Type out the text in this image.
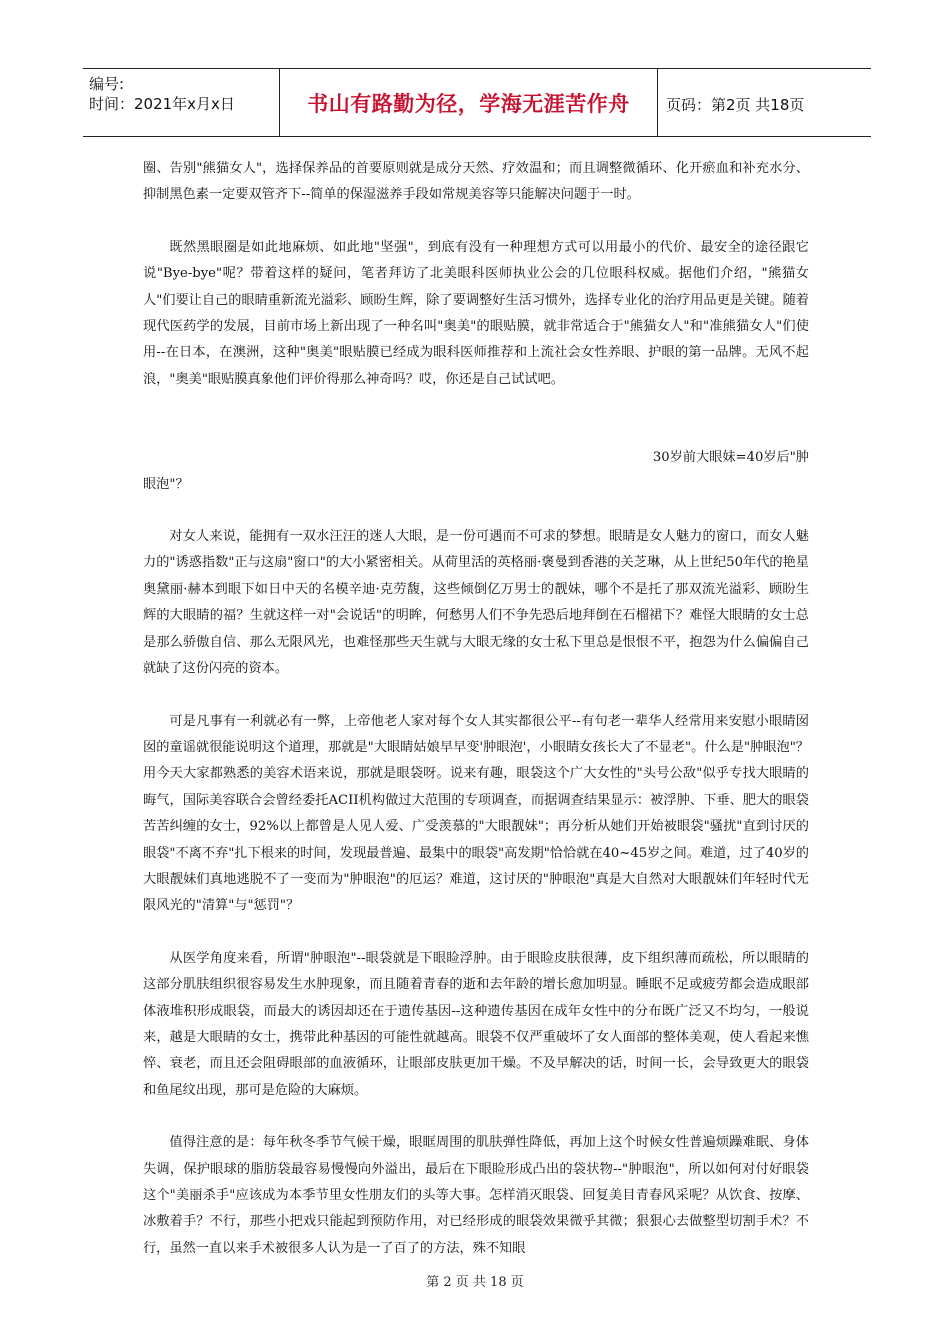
编号:
时间：2021年x月x日	书山有路勤为径，学海无涯苦作舟	页码：第2页 共18页

圈、告别"熊猫女人"，选择保养品的首要原则就是成分天然、疗效温和；而且调整微循环、化开瘀血和补充水分、抑制黑色素一定要双管齐下--简单的保湿滋养手段如常规美容等只能解决问题于一时。

既然黑眼圈是如此地麻烦、如此地"坚强"，到底有没有一种理想方式可以用最小的代价、最安全的途径跟它说"Bye-bye"呢？带着这样的疑问，笔者拜访了北美眼科医师执业公会的几位眼科权威。据他们介绍，"熊猫女人"们要让自己的眼睛重新流光溢彩、顾盼生辉，除了要调整好生活习惯外，选择专业化的治疗用品更是关键。随着现代医药学的发展，目前市场上新出现了一种名叫"奥美"的眼贴膜，就非常适合于"熊猫女人"和"准熊猫女人"们使用--在日本，在澳洲，这种"奥美"眼贴膜已经成为眼科医师推荐和上流社会女性养眼、护眼的第一品牌。无风不起浪，"奥美"眼贴膜真象他们评价得那么神奇吗？哎，你还是自己试试吧。

30岁前大眼妹=40岁后"肿
眼泡"？

对女人来说，能拥有一双水汪汪的迷人大眼，是一份可遇而不可求的梦想。眼睛是女人魅力的窗口，而女人魅力的"诱惑指数"正与这扇"窗口"的大小紧密相关。从荷里活的英格丽·褒曼到香港的关芝琳，从上世纪50年代的艳星奥黛丽·赫本到眼下如日中天的名模辛迪·克劳馥，这些倾倒亿万男士的靓妹，哪个不是托了那双流光溢彩、顾盼生辉的大眼睛的福？生就这样一对"会说话"的明眸，何愁男人们不争先恐后地拜倒在石榴裙下？难怪大眼睛的女士总是那么骄傲自信、那么无限风光，也难怪那些天生就与大眼无缘的女士私下里总是恨恨不平，抱怨为什么偏偏自己就缺了这份闪亮的资本。

可是凡事有一利就必有一弊，上帝他老人家对每个女人其实都很公平--有句老一辈华人经常用来安慰小眼睛囡囡的童谣就很能说明这个道理，那就是"大眼睛姑娘早早变'肿眼泡'，小眼睛女孩长大了不显老"。什么是"肿眼泡"？用今天大家都熟悉的美容术语来说，那就是眼袋呀。说来有趣，眼袋这个广大女性的"头号公敌"似乎专找大眼睛的晦气，国际美容联合会曾经委托ACII机构做过大范围的专项调查，而据调查结果显示：被浮肿、下垂、肥大的眼袋苦苦纠缠的女士，92%以上都曾是人见人爱、广受羡慕的"大眼靓妹"；再分析从她们开始被眼袋"骚扰"直到讨厌的眼袋"不离不弃"扎下根来的时间，发现最普遍、最集中的眼袋"高发期"恰恰就在40~45岁之间。难道，过了40岁的大眼靓妹们真地逃脱不了一变而为"肿眼泡"的厄运？难道，这讨厌的"肿眼泡"真是大自然对大眼靓妹们年轻时代无限风光的"清算"与"惩罚"？

从医学角度来看，所谓"肿眼泡"--眼袋就是下眼睑浮肿。由于眼睑皮肤很薄，皮下组织薄而疏松，所以眼睛的这部分肌肤组织很容易发生水肿现象，而且随着青春的逝和去年龄的增长愈加明显。睡眠不足或疲劳都会造成眼部体液堆积形成眼袋，而最大的诱因却还在于遗传基因--这种遗传基因在成年女性中的分布既广泛又不均匀，一般说来，越是大眼睛的女士，携带此种基因的可能性就越高。眼袋不仅严重破坏了女人面部的整体美观，使人看起来憔悴、衰老，而且还会阻碍眼部的血液循环，让眼部皮肤更加干燥。不及早解决的话，时间一长，会导致更大的眼袋和鱼尾纹出现，那可是危险的大麻烦。

值得注意的是：每年秋冬季节气候干燥，眼眶周围的肌肤弹性降低，再加上这个时候女性普遍烦躁难眠、身体失调，保护眼球的脂肪袋最容易慢慢向外溢出，最后在下眼睑形成凸出的袋状物--"肿眼泡"，所以如何对付好眼袋这个"美丽杀手"应该成为本季节里女性朋友们的头等大事。怎样消灭眼袋、回复美目青春风采呢？从饮食、按摩、冰敷着手？不行，那些小把戏只能起到预防作用，对已经形成的眼袋效果微乎其微；狠狠心去做整型切割手术？不行，虽然一直以来手术被很多人认为是一了百了的方法，殊不知眼

第 2 页 共 18 页
